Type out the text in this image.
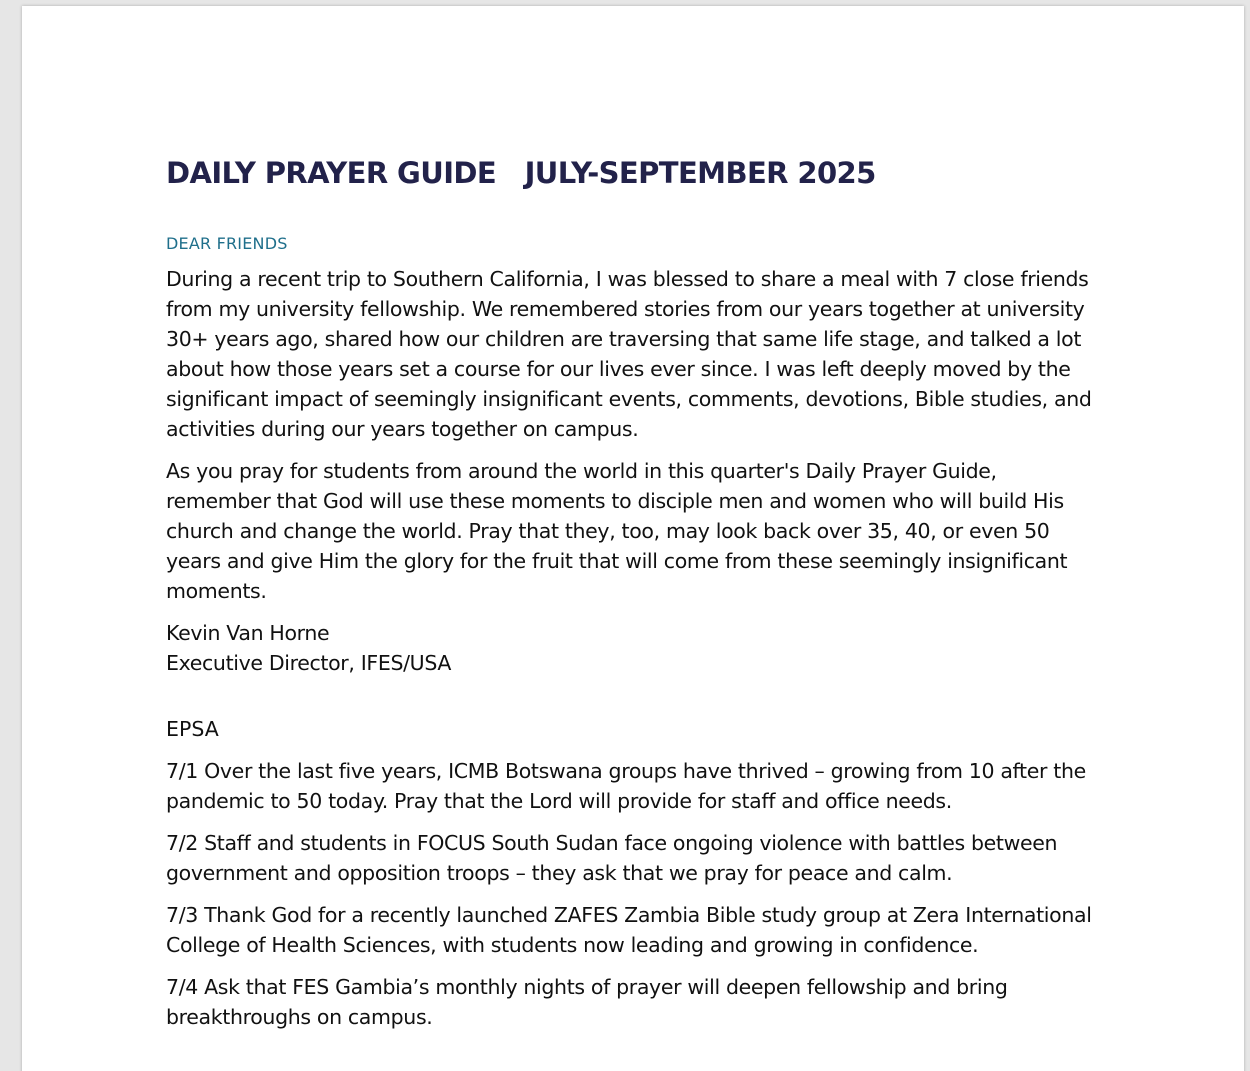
DAILY PRAYER GUIDE   JULY-SEPTEMBER 2025
DEAR FRIENDS

During a recent trip to Southern California, I was blessed to share a meal with 7 close friends from my university fellowship. We remembered stories from our years together at university 30+ years ago, shared how our children are traversing that same life stage, and talked a lot about how those years set a course for our lives ever since. I was left deeply moved by the significant impact of seemingly insignificant events, comments, devotions, Bible studies, and activities during our years together on campus.

As you pray for students from around the world in this quarter's Daily Prayer Guide, remember that God will use these moments to disciple men and women who will build His church and change the world. Pray that they, too, may look back over 35, 40, or even 50 years and give Him the glory for the fruit that will come from these seemingly insignificant moments.

Kevin Van Horne

Executive Director, IFES/USA

EPSA

7/1 Over the last five years, ICMB Botswana groups have thrived – growing from 10 after the pandemic to 50 today. Pray that the Lord will provide for staff and office needs.

7/2 Staff and students in FOCUS South Sudan face ongoing violence with battles between government and opposition troops – they ask that we pray for peace and calm.

7/3 Thank God for a recently launched ZAFES Zambia Bible study group at Zera International College of Health Sciences, with students now leading and growing in confidence.

7/4 Ask that FES Gambia’s monthly nights of prayer will deepen fellowship and bring breakthroughs on campus.
